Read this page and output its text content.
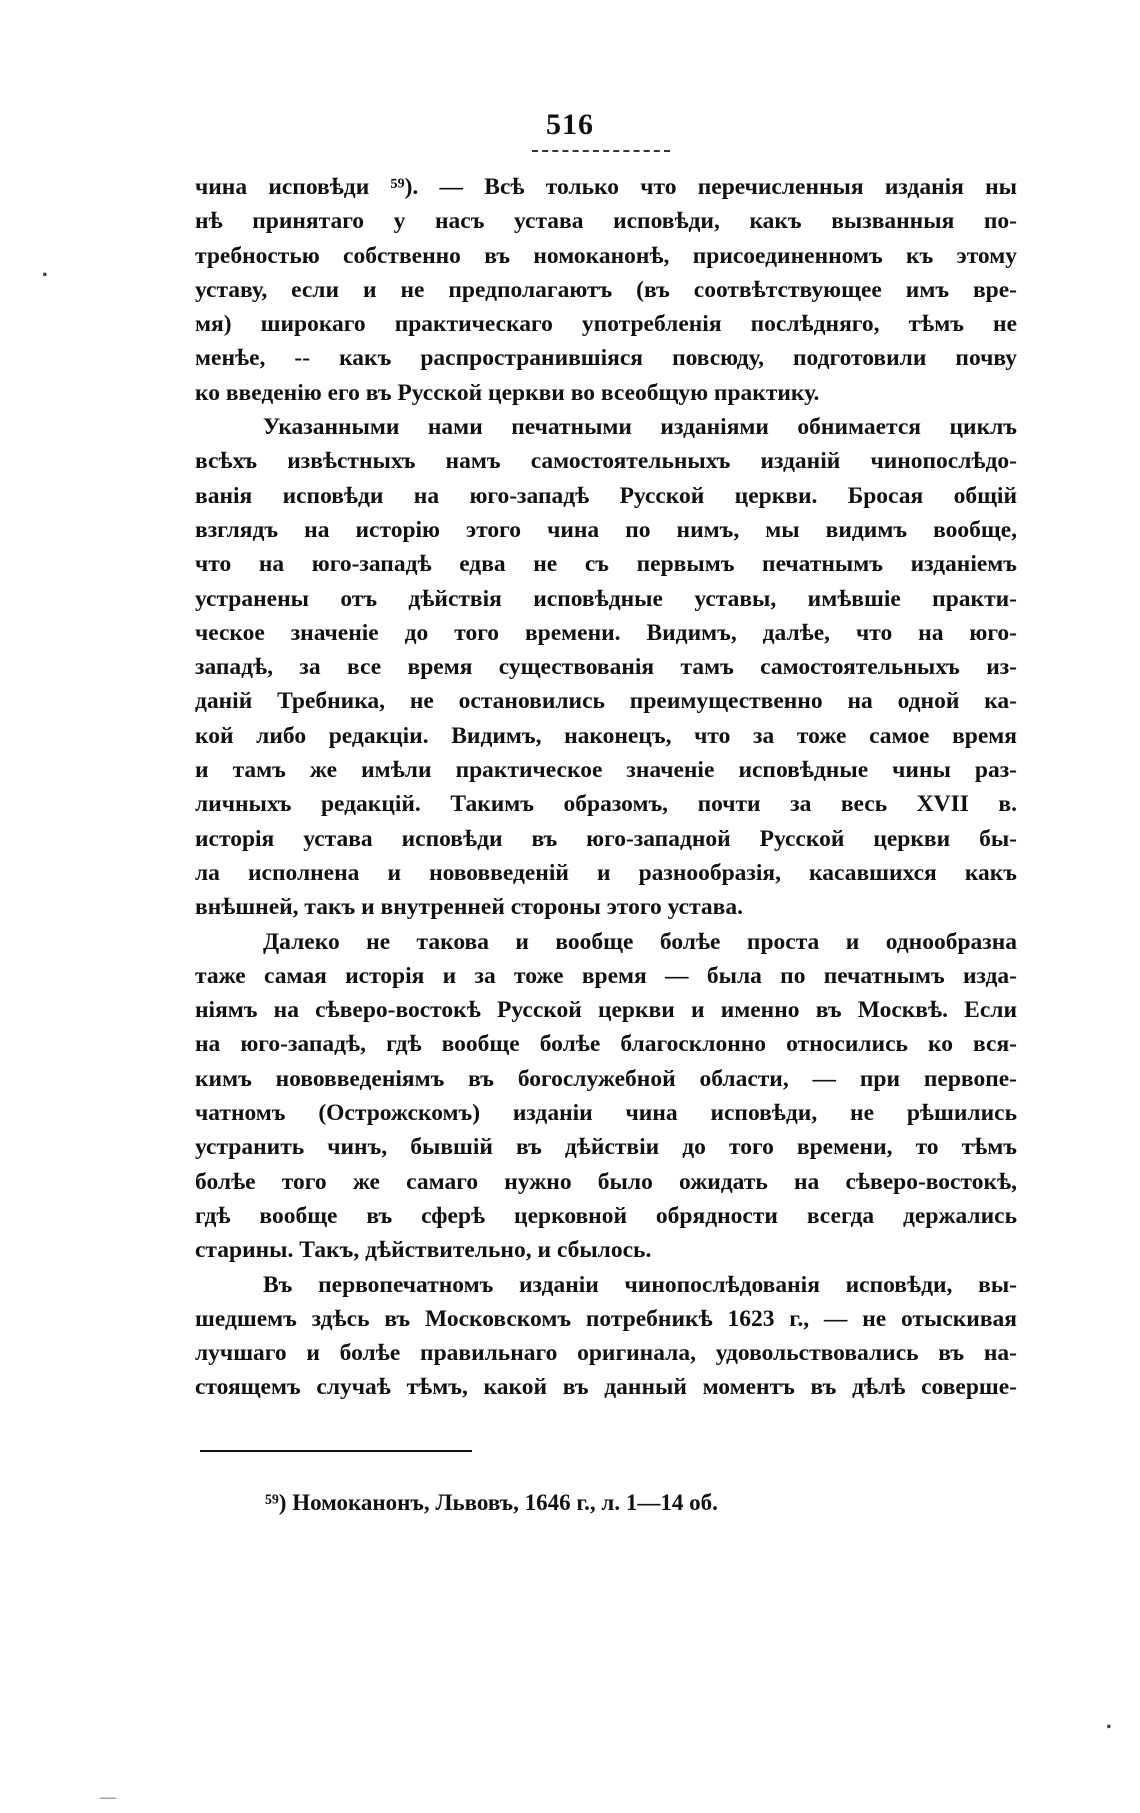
516
чина исповѣди ⁵⁹). — Всѣ только что перечисленныя изданія ны
нѣ принятаго у насъ устава исповѣди, какъ вызванныя по-
требностью собственно въ номоканонѣ, присоединенномъ къ этому
уставу, если и не предполагаютъ (въ соотвѣтствующее имъ вре-
мя) широкаго практическаго употребленія послѣдняго, тѣмъ не
менѣе, -- какъ распространившіяся повсюду, подготовили почву
ко введенію его въ Русской церкви во всеобщую практику.
Указанными нами печатными изданіями обнимается циклъ
всѣхъ извѣстныхъ намъ самостоятельныхъ изданій чинопослѣдо-
ванія исповѣди на юго-западѣ Русской церкви. Бросая общій
взглядъ на исторію этого чина по нимъ, мы видимъ вообще,
что на юго-западѣ едва не съ первымъ печатнымъ изданіемъ
устранены отъ дѣйствія исповѣдные уставы, имѣвшіе практи-
ческое значеніе до того времени. Видимъ, далѣе, что на юго-
западѣ, за все время существованія тамъ самостоятельныхъ из-
даній Требника, не остановились преимущественно на одной ка-
кой либо редакціи. Видимъ, наконецъ, что за тоже самое время
и тамъ же имѣли практическое значеніе исповѣдные чины раз-
личныхъ редакцій. Такимъ образомъ, почти за весь XVII в.
исторія устава исповѣди въ юго-западной Русской церкви бы-
ла исполнена и нововведеній и разнообразія, касавшихся какъ
внѣшней, такъ и внутренней стороны этого устава.
Далеко не такова и вообще болѣе проста и однообразна
таже самая исторія и за тоже время — была по печатнымъ изда-
ніямъ на сѣверо-востокѣ Русской церкви и именно въ Москвѣ. Если
на юго-западѣ, гдѣ вообще болѣе благосклонно относились ко вся-
кимъ нововведеніямъ въ богослужебной области, — при первопе-
чатномъ (Острожскомъ) изданіи чина исповѣди, не рѣшились
устранить чинъ, бывшій въ дѣйствіи до того времени, то тѣмъ
болѣе того же самаго нужно было ожидать на сѣверо-востокѣ,
гдѣ вообще въ сферѣ церковной обрядности всегда держались
старины. Такъ, дѣйствительно, и сбылось.
Въ первопечатномъ изданіи чинопослѣдованія исповѣди, вы-
шедшемъ здѣсь въ Московскомъ потребникѣ 1623 г., — не отыскивая
лучшаго и болѣе правильнаго оригинала, удовольствовались въ на-
стоящемъ случаѣ тѣмъ, какой въ данный моментъ въ дѣлѣ соверше-
⁵⁹) Номоканонъ, Львовъ, 1646 г., л. 1—14 об.
•
•
—
